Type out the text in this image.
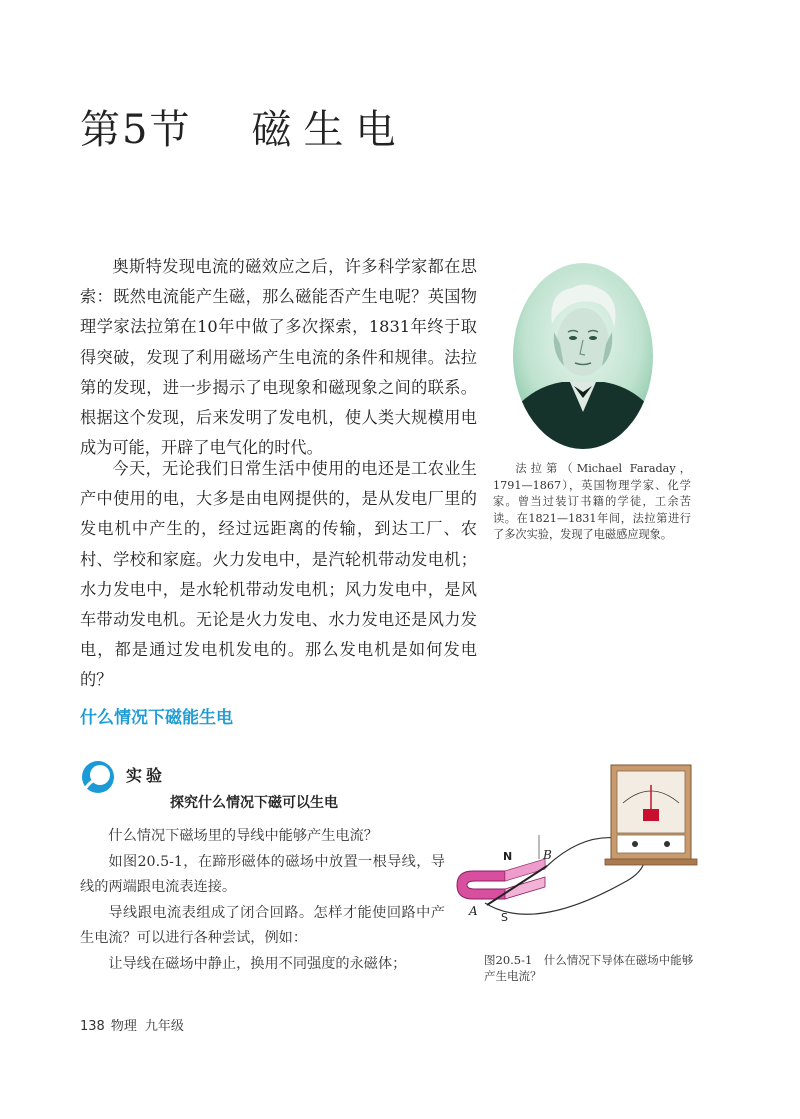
第5节 磁生电

奥斯特发现电流的磁效应之后，许多科学家都在思索：既然电流能产生磁，那么磁能否产生电呢？英国物理学家法拉第在10年中做了多次探索，1831年终于取得突破，发现了利用磁场产生电流的条件和规律。法拉第的发现，进一步揭示了电现象和磁现象之间的联系。根据这个发现，后来发明了发电机，使人类大规模用电成为可能，开辟了电气化的时代。

法拉第（Michael Faraday，1791—1867），英国物理学家、化学家。曾当过装订书籍的学徒，工余苦读。在1821—1831年间，法拉第进行了多次实验，发现了电磁感应现象。

今天，无论我们日常生活中使用的电还是工农业生产中使用的电，大多是由电网提供的，是从发电厂里的发电机中产生的，经过远距离的传输，到达工厂、农村、学校和家庭。火力发电中，是汽轮机带动发电机；水力发电中，是水轮机带动发电机；风力发电中，是风车带动发电机。无论是火力发电、水力发电还是风力发电，都是通过发电机发电的。那么发电机是如何发电的？

什么情况下磁能生电
实验
探究什么情况下磁可以生电

什么情况下磁场里的导线中能够产生电流？

如图20.5-1，在蹄形磁体的磁场中放置一根导线，导线的两端跟电流表连接。

导线跟电流表组成了闭合回路。怎样才能使回路中产生电流？可以进行各种尝试，例如：

让导线在磁场中静止，换用不同强度的永磁体；

N
S
A
B
图20.5-1　什么情况下导体在磁场中能够产生电流？
138 物理 九年级
